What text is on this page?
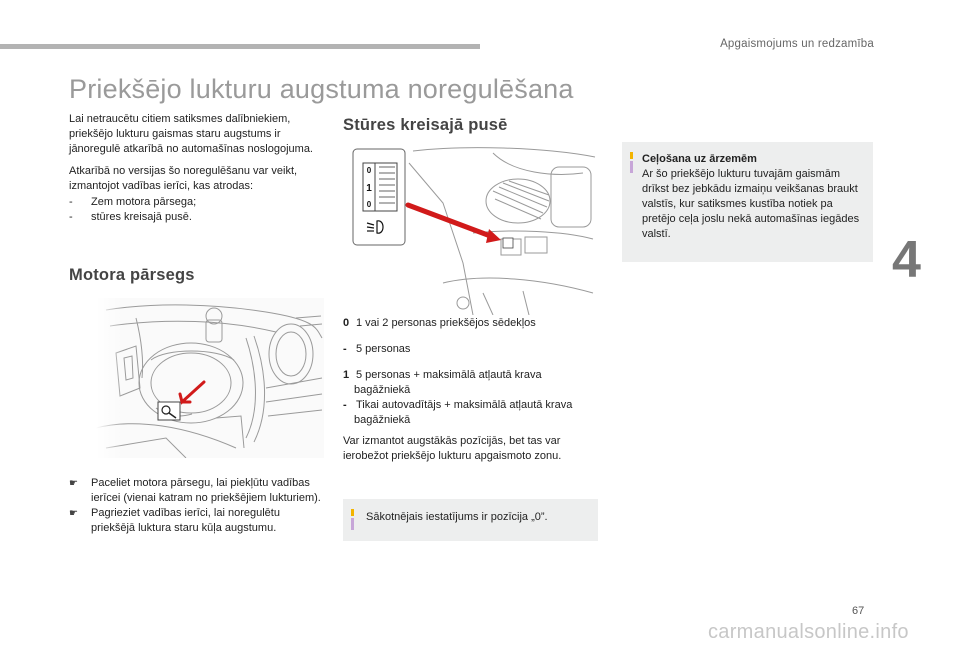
Apgaismojums un redzamība
Priekšējo lukturu augstuma noregulēšana
4

Lai netraucētu citiem satiksmes dalībniekiem, priekšējo lukturu gaismas staru augstums ir jānoregulē atkarībā no automašīnas noslogojuma.

Atkarībā no versijas šo noregulēšanu var veikt, izmantojot vadības ierīci, kas atrodas:

- Zem motora pārsega;
- stūres kreisajā pusē.
Motora pārsegs
☛ Paceliet motora pārsegu, lai piekļūtu vadības ierīcei (vienai katram no priekšējiem lukturiem).
☛ Pagrieziet vadības ierīci, lai noregulētu priekšējā luktura staru kūļa augstumu.
Stūres kreisajā pusē
0
1
0
0 1 vai 2 personas priekšējos sēdekļos
- 5 personas
1 5 personas + maksimālā atļautā krava bagāžniekā
- Tikai autovadītājs + maksimālā atļautā krava bagāžniekā

Var izmantot augstākās pozīcijās, bet tas var ierobežot priekšējo lukturu apgaismoto zonu.

Sākotnējais iestatījums ir pozīcija „0”.
Ceļošana uz ārzemēm
Ar šo priekšējo lukturu tuvajām gaismām drīkst bez jebkādu izmaiņu veikšanas braukt valstīs, kur satiksmes kustība notiek pa pretējo ceļa joslu nekā automašīnas iegādes valstī.
67
carmanualsonline.info
